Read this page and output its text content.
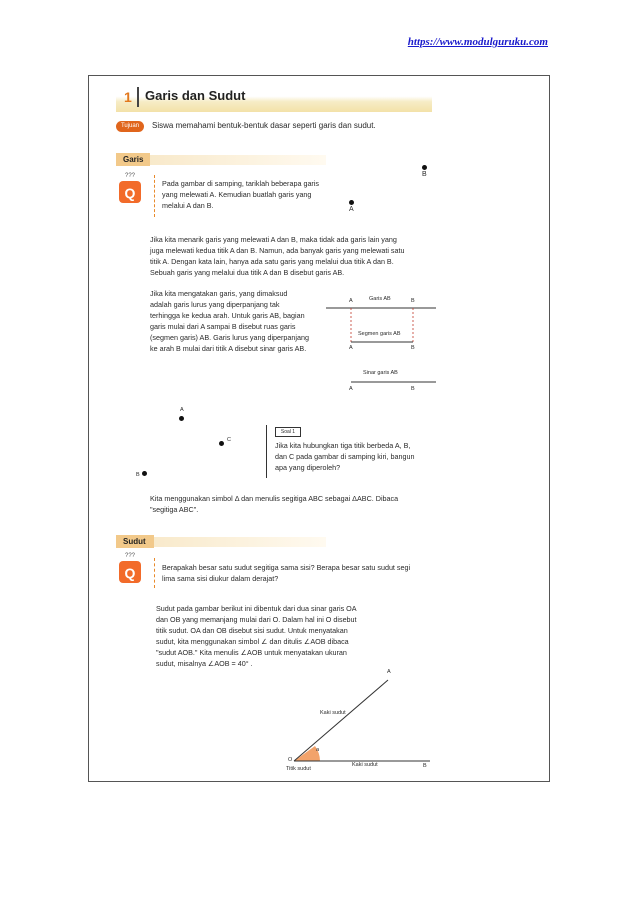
https://www.modulguruku.com
1 Garis dan Sudut
Tujuan	Siswa memahami bentuk-bentuk dasar seperti garis dan sudut.
Garis
???
Q
Pada gambar di samping, tariklah beberapa garis
yang melewati A. Kemudian buatlah garis yang
melalui A dan B.
B
A
Jika kita menarik garis yang melewati A dan B, maka tidak ada garis lain yang
juga melewati kedua titik A dan B. Namun, ada banyak garis yang melewati satu
titik A. Dengan kata lain, hanya ada satu garis yang melalui dua titik A dan B.
Sebuah garis yang melalui dua titik A dan B disebut garis AB.
Jika kita mengatakan garis, yang dimaksud
adalah garis lurus yang diperpanjang tak
terhingga ke kedua arah. Untuk garis AB, bagian
garis mulai dari A sampai B disebut ruas garis
(segmen garis) AB. Garis lurus yang diperpanjang
ke arah B mulai dari titik A disebut sinar garis AB.
A	Garis AB	B
Segmen garis AB
A	B
Sinar garis AB
A	B
A
C
B
Soal 1
Jika kita hubungkan tiga titik berbeda A, B,
dan C pada gambar di samping kiri, bangun
apa yang diperoleh?
Kita menggunakan simbol Δ dan menulis segitiga ABC sebagai ΔABC. Dibaca
"segitiga ABC".
Sudut
???
Q	Berapakah besar satu sudut segitiga sama sisi? Berapa besar satu sudut segi
lima sama sisi diukur dalam derajat?
Sudut pada gambar berikut ini dibentuk dari dua sinar garis OA
dan OB yang memanjang mulai dari O. Dalam hal ini O disebut
titik sudut. OA dan OB disebut sisi sudut. Untuk menyatakan
sudut, kita menggunakan simbol ∠ dan ditulis ∠AOB dibaca
"sudut AOB." Kita menulis ∠AOB untuk menyatakan ukuran
sudut, misalnya ∠AOB = 40° .
A
Kaki sudut
a
O
Titik sudut
Kaki sudut	B
